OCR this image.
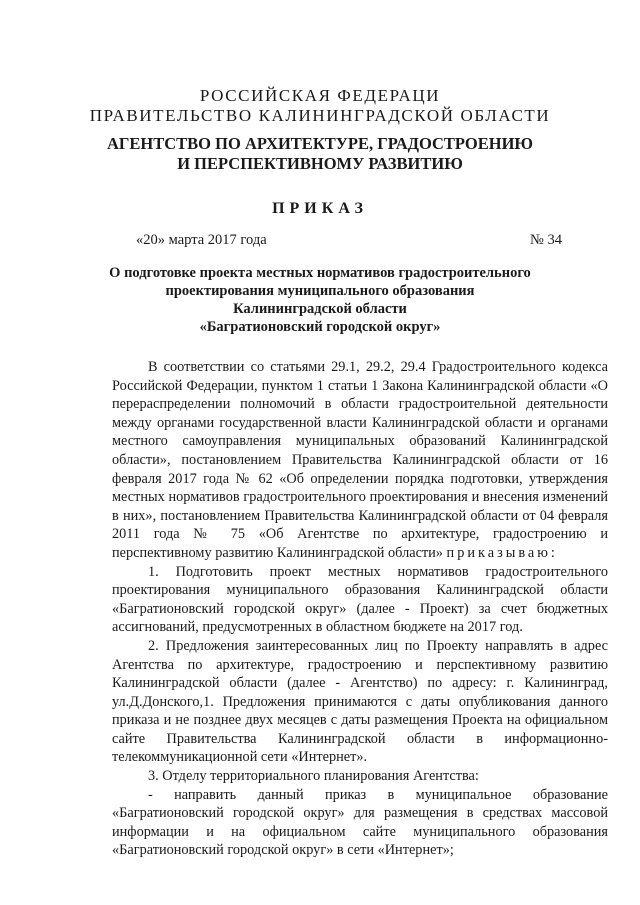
РОССИЙСКАЯ ФЕДЕРАЦИ
ПРАВИТЕЛЬСТВО КАЛИНИНГРАДСКОЙ ОБЛАСТИ
АГЕНТСТВО ПО АРХИТЕКТУРЕ, ГРАДОСТРОЕНИЮ
И ПЕРСПЕКТИВНОМУ РАЗВИТИЮ
ПРИКАЗ
«20» марта 2017 года	№ 34
О подготовке проекта местных нормативов градостроительного
проектирования муниципального образования
Калининградской области
«Багратионовский городской округ»

В соответствии со статьями 29.1, 29.2, 29.4 Градостроительного кодекса Российской Федерации, пунктом 1 статьи 1 Закона Калининградской области «О перераспределении полномочий в области градостроительной деятельности между органами государственной власти Калининградской области и органами местного самоуправления муниципальных образований Калининградской области», постановлением Правительства Калининградской области от 16 февраля 2017 года № 62 «Об определении порядка подготовки, утверждения местных нормативов градостроительного проектирования и внесения изменений в них», постановлением Правительства Калининградской области от 04 февраля 2011 года № 75 «Об Агентстве по архитектуре, градостроению и перспективному развитию Калининградской области» приказываю:

1. Подготовить проект местных нормативов градостроительного проектирования муниципального образования Калининградской области «Багратионовский городской округ» (далее - Проект) за счет бюджетных ассигнований, предусмотренных в областном бюджете на 2017 год.

2. Предложения заинтересованных лиц по Проекту направлять в адрес Агентства по архитектуре, градостроению и перспективному развитию Калининградской области (далее - Агентство) по адресу: г. Калининград, ул.Д.Донского,1. Предложения принимаются с даты опубликования данного приказа и не позднее двух месяцев с даты размещения Проекта на официальном сайте Правительства Калининградской области в информационно-телекоммуникационной сети «Интернет».

3. Отделу территориального планирования Агентства:

- направить данный приказ в муниципальное образование «Багратионовский городской округ» для размещения в средствах массовой информации и на официальном сайте муниципального образования «Багратионовский городской округ» в сети «Интернет»;
